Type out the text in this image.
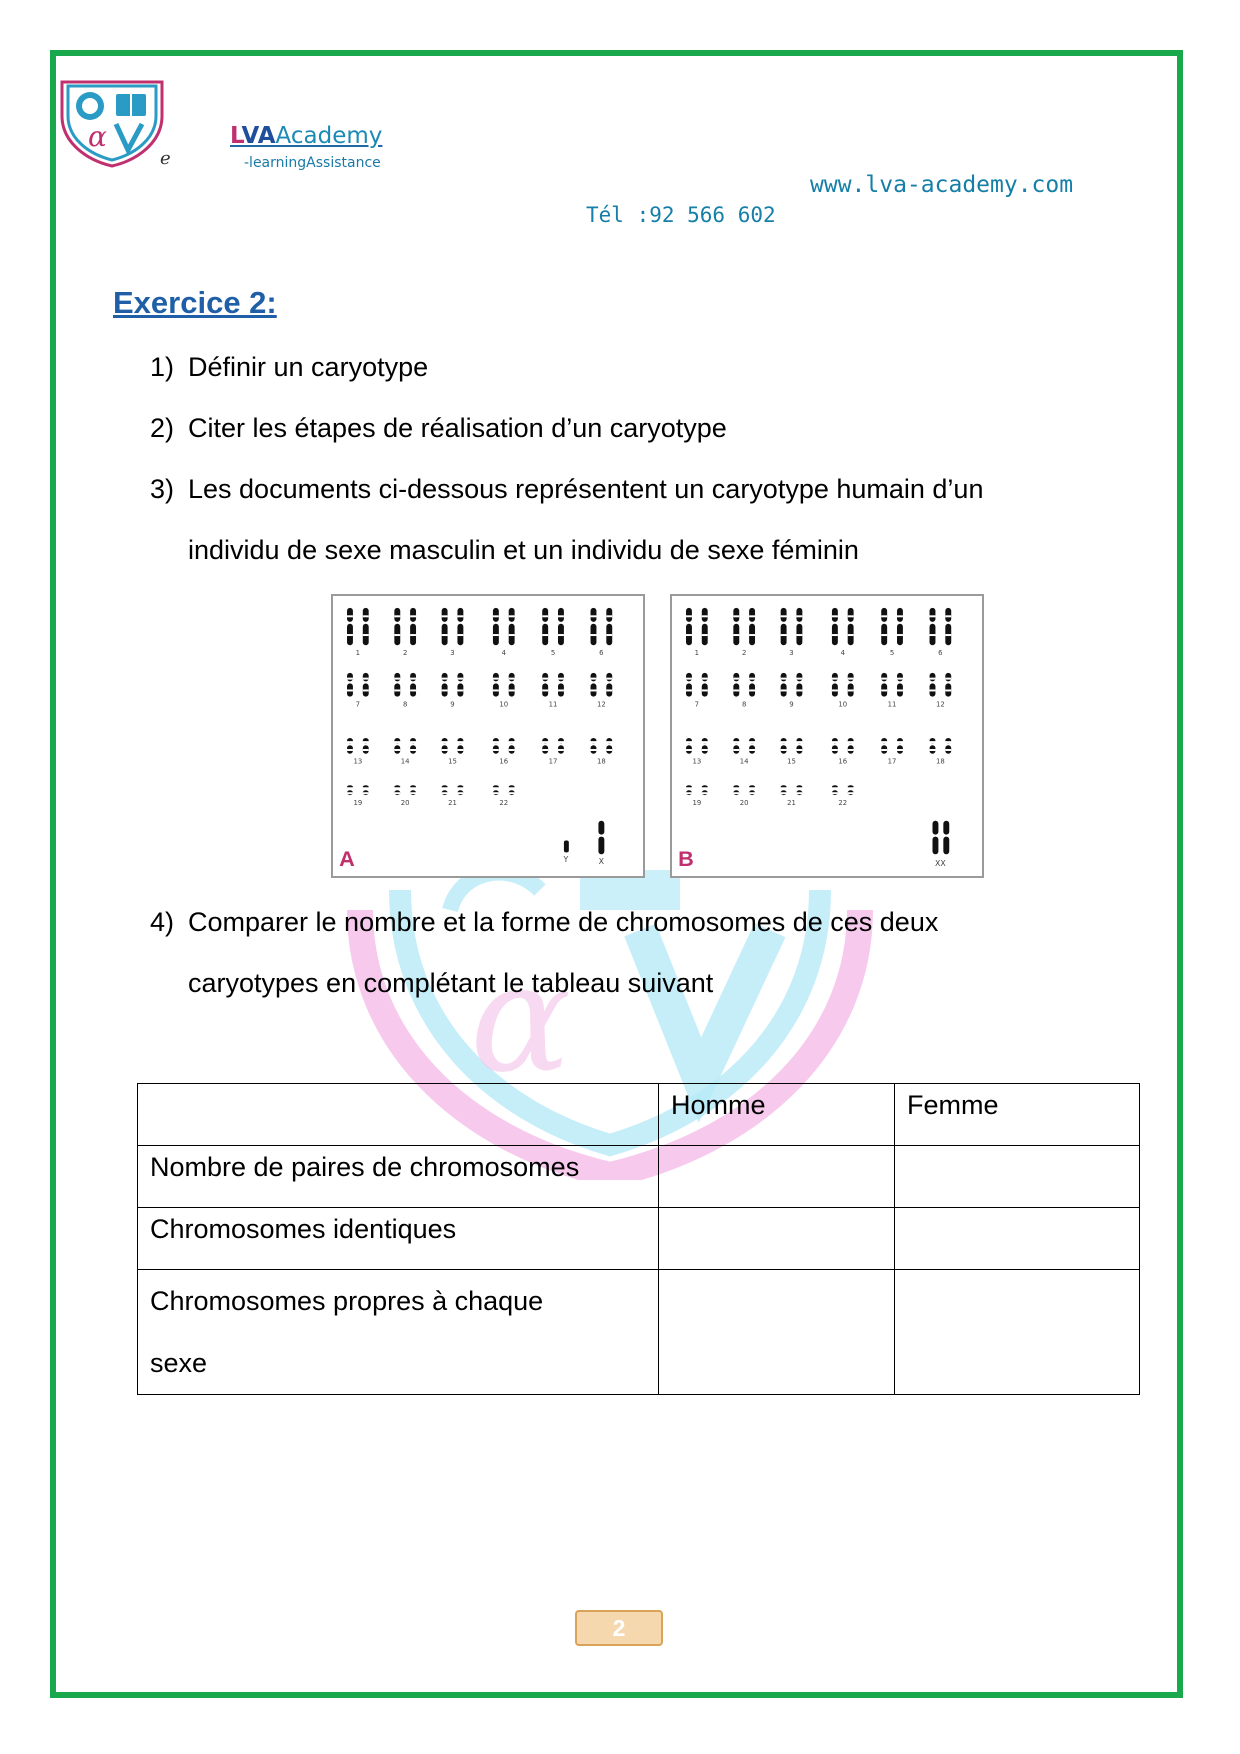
α
e
LVAAcademy
-learningAssistance
www.lva-academy.com
Tél :92 566 602
α
Exercice 2:
1) Définir un caryotype
2) Citer les étapes de réalisation d’un caryotype
3) Les documents ci-dessous représentent un caryotype humain d’un
individu de sexe masculin et un individu de sexe féminin
1	2	3	4	5	6
7	8	9	10	11	12
13	14	15	16	17	18
19	20	21	22
A	Y	X
1	2	3	4	5	6
7	8	9	10	11	12
13	14	15	16	17	18
19	20	21	22
B	XX
4) Comparer le nombre et la forme de chromosomes de ces deux
caryotypes en complétant le tableau suivant
	Homme	Femme
Nombre de paires de chromosomes		
Chromosomes identiques		
Chromosomes propres à chaque
sexe		
2
